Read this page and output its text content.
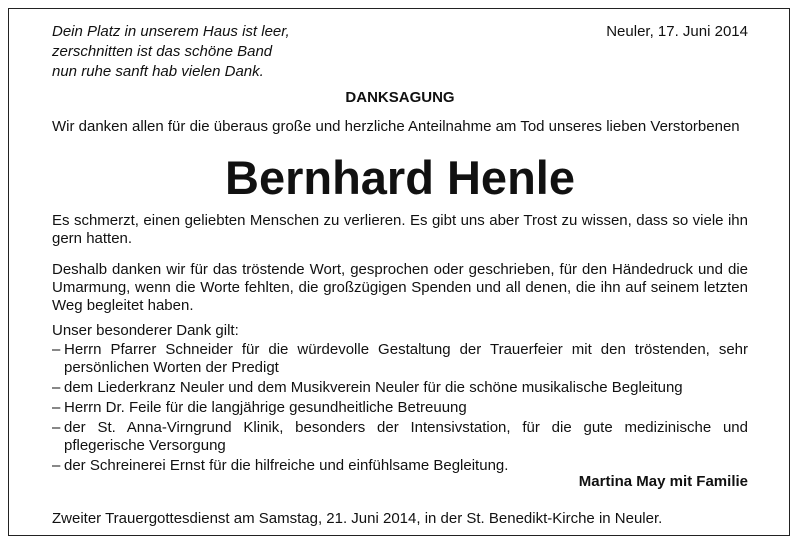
Dein Platz in unserem Haus ist leer,
zerschnitten ist das schöne Band
nun ruhe sanft hab vielen Dank.
Neuler, 17. Juni 2014
DANKSAGUNG
Wir danken allen für die überaus große und herzliche Anteilnahme am Tod unseres lieben Verstorbenen
Bernhard Henle
Es schmerzt, einen geliebten Menschen zu verlieren. Es gibt uns aber Trost zu wissen, dass so viele ihn gern hatten.
Deshalb danken wir für das tröstende Wort, gesprochen oder geschrieben, für den Händedruck und die Umarmung, wenn die Worte fehlten, die großzügigen Spenden und all denen, die ihn auf seinem letzten Weg begleitet haben.
Unser besonderer Dank gilt:
– Herrn Pfarrer Schneider für die würdevolle Gestaltung der Trauerfeier mit den tröstenden, sehr persönlichen Worten der Predigt
– dem Liederkranz Neuler und dem Musikverein Neuler für die schöne musikalische Begleitung
– Herrn Dr. Feile für die langjährige gesundheitliche Betreuung
– der St. Anna-Virngrund Klinik, besonders der Intensivstation, für die gute medizinische und pflegerische Versorgung
– der Schreinerei Ernst für die hilfreiche und einfühlsame Begleitung.
Martina May mit Familie
Zweiter Trauergottesdienst am Samstag, 21. Juni 2014, in der St. Benedikt-Kirche in Neuler.
